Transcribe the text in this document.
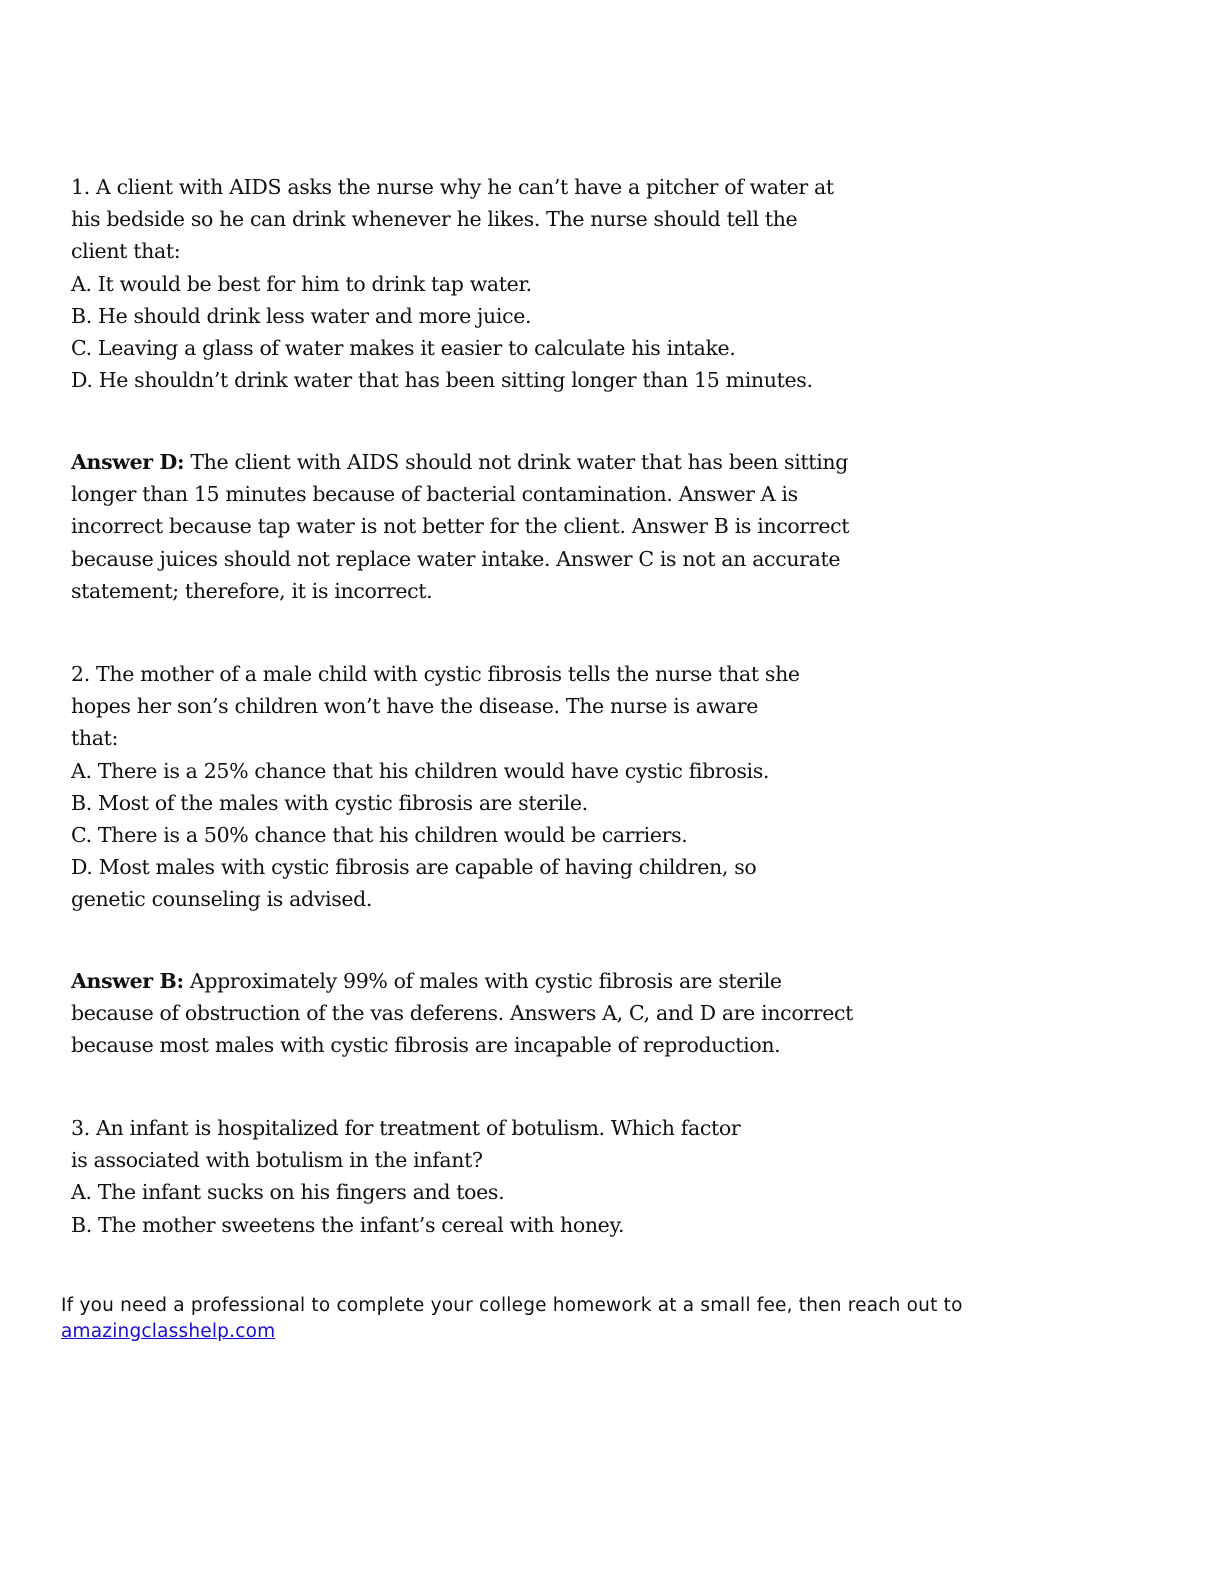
1. A client with AIDS asks the nurse why he can’t have a pitcher of water at
his bedside so he can drink whenever he likes. The nurse should tell the
client that:
A. It would be best for him to drink tap water.
B. He should drink less water and more juice.
C. Leaving a glass of water makes it easier to calculate his intake.
D. He shouldn’t drink water that has been sitting longer than 15 minutes.
Answer D: The client with AIDS should not drink water that has been sitting
longer than 15 minutes because of bacterial contamination. Answer A is
incorrect because tap water is not better for the client. Answer B is incorrect
because juices should not replace water intake. Answer C is not an accurate
statement; therefore, it is incorrect.
2. The mother of a male child with cystic fibrosis tells the nurse that she
hopes her son’s children won’t have the disease. The nurse is aware
that:
A. There is a 25% chance that his children would have cystic fibrosis.
B. Most of the males with cystic fibrosis are sterile.
C. There is a 50% chance that his children would be carriers.
D. Most males with cystic fibrosis are capable of having children, so
genetic counseling is advised.
Answer B: Approximately 99% of males with cystic fibrosis are sterile
because of obstruction of the vas deferens. Answers A, C, and D are incorrect
because most males with cystic fibrosis are incapable of reproduction.
3. An infant is hospitalized for treatment of botulism. Which factor
is associated with botulism in the infant?
A. The infant sucks on his fingers and toes.
B. The mother sweetens the infant’s cereal with honey.
If you need a professional to complete your college homework at a small fee, then reach out to
amazingclasshelp.com
